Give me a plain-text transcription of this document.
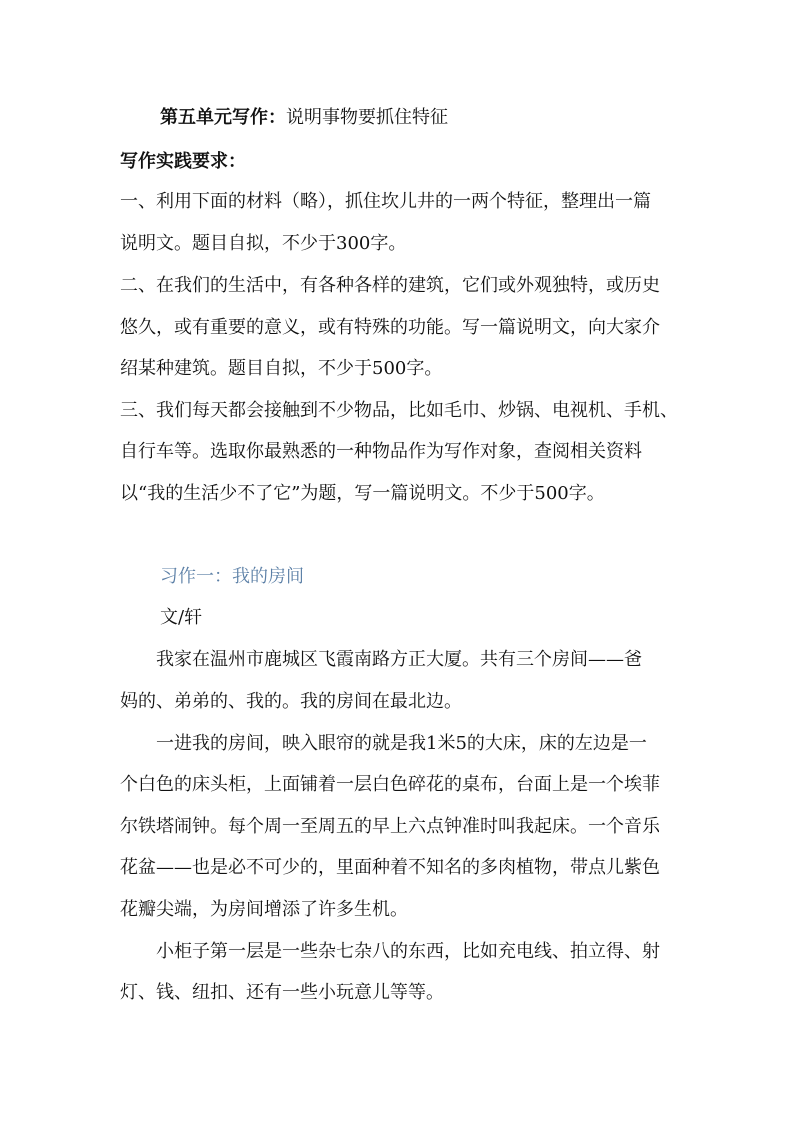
第五单元写作：说明事物要抓住特征
写作实践要求：
一、利用下面的材料（略），抓住坎儿井的一两个特征，整理出一篇
说明文。题目自拟，不少于300字。
二、在我们的生活中，有各种各样的建筑，它们或外观独特，或历史
悠久，或有重要的意义，或有特殊的功能。写一篇说明文，向大家介
绍某种建筑。题目自拟，不少于500字。
三、我们每天都会接触到不少物品，比如毛巾、炒锅、电视机、手机、
自行车等。选取你最熟悉的一种物品作为写作对象，查阅相关资料
以“我的生活少不了它”为题，写一篇说明文。不少于500字。
习作一：我的房间
文/轩
我家在温州市鹿城区飞霞南路方正大厦。共有三个房间——爸
妈的、弟弟的、我的。我的房间在最北边。
一进我的房间，映入眼帘的就是我1米5的大床，床的左边是一
个白色的床头柜，上面铺着一层白色碎花的桌布，台面上是一个埃菲
尔铁塔闹钟。每个周一至周五的早上六点钟准时叫我起床。一个音乐
花盆——也是必不可少的，里面种着不知名的多肉植物，带点儿紫色
花瓣尖端，为房间增添了许多生机。
小柜子第一层是一些杂七杂八的东西，比如充电线、拍立得、射
灯、钱、纽扣、还有一些小玩意儿等等。
